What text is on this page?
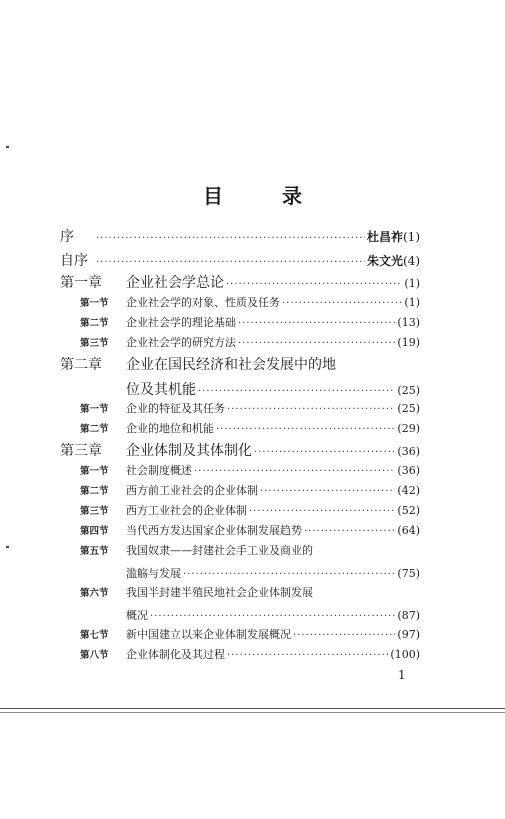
目 录
序 ·····	杜昌祚 (1)
自序 ·····	朱文光 (4)
第一章	企业社会学总论 ·····	(1)
第一节	企业社会学的对象、性质及任务 ·····	(1)
第二节	企业社会学的理论基础 ·····	(13)
第三节	企业社会学的研究方法 ·····	(19)
第二章	企业在国民经济和社会发展中的地
位及其机能 ·····	(25)
第一节	企业的特征及其任务 ·····	(25)
第二节	企业的地位和机能 ·····	(29)
第三章	企业体制及其体制化 ·····	(36)
第一节	社会制度概述 ·····	(36)
第二节	西方前工业社会的企业体制 ·····	(42)
第三节	西方工业社会的企业体制 ·····	(52)
第四节	当代西方发达国家企业体制发展趋势 ·····	(64)
第五节	我国奴隶——封建社会手工业及商业的
滥觞与发展 ·····	(75)
第六节	我国半封建半殖民地社会企业体制发展
概况 ·····	(87)
第七节	新中国建立以来企业体制发展概况 ·····	(97)
第八节	企业体制化及其过程 ·····	(100)
1
